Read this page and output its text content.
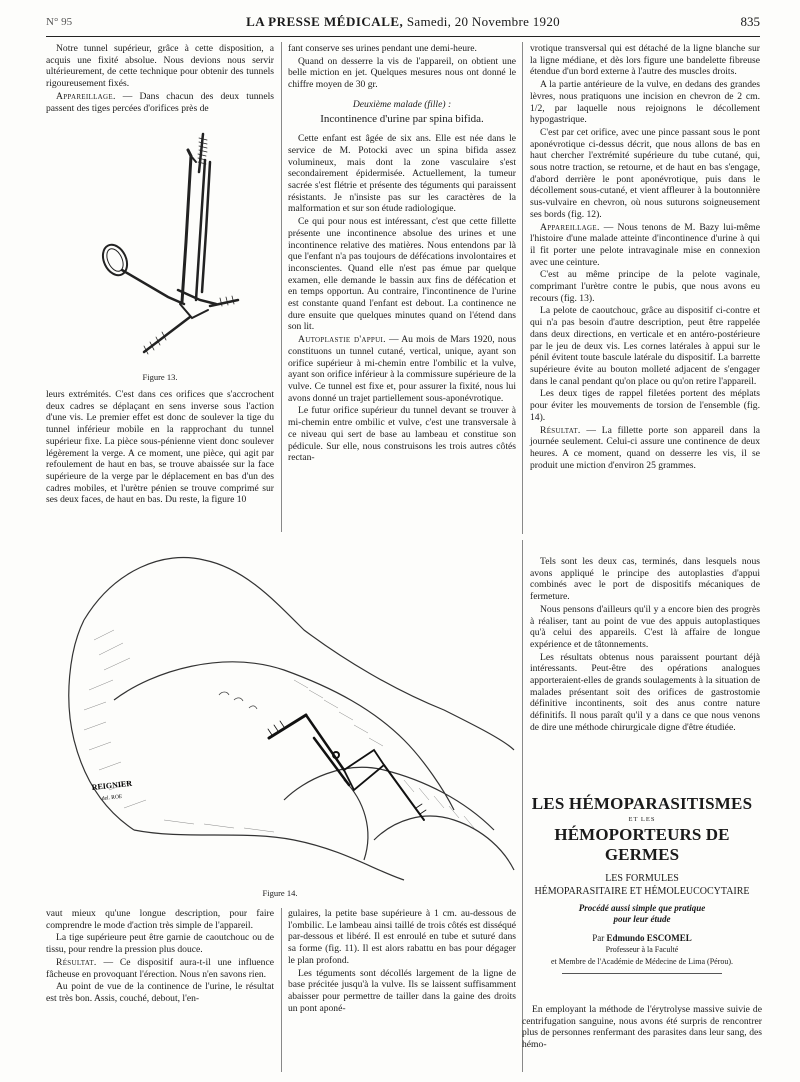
N° 95	LA PRESSE MÉDICALE, Samedi, 20 Novembre 1920	835

Notre tunnel supérieur, grâce à cette disposition, a acquis une fixité absolue. Nous devions nous servir ultérieurement, de cette technique pour obtenir des tunnels rigoureusement fixés.

Appareillage. — Dans chacun des deux tunnels passent des tiges percées d'orifices près de

Figure 13.

leurs extrémités. C'est dans ces orifices que s'accrochent deux cadres se déplaçant en sens inverse sous l'action d'une vis. Le premier effet est donc de soulever la tige du tunnel inférieur mobile en la rapprochant du tunnel supérieur fixe. La pièce sous-pénienne vient donc soulever légèrement la verge. A ce moment, une pièce, qui agit par refoulement de haut en bas, se trouve abaissée sur la face supérieure de la verge par le déplacement en bas d'un des cadres mobiles, et l'urètre pénien se trouve comprimé sur ses deux faces, de haut en bas. Du reste, la figure 10

fant conserve ses urines pendant une demi-heure.

Quand on desserre la vis de l'appareil, on obtient une belle miction en jet. Quelques mesures nous ont donné le chiffre moyen de 30 gr.

Deuxième malade (fille) :

Incontinence d'urine par spina bifida.

Cette enfant est âgée de six ans. Elle est née dans le service de M. Potocki avec un spina bifida assez volumineux, mais dont la zone vasculaire s'est secondairement épidermisée. Actuellement, la tumeur sacrée s'est flétrie et présente des téguments qui paraissent résistants. Je n'insiste pas sur les caractères de la malformation et sur son étude radiologique.

Ce qui pour nous est intéressant, c'est que cette fillette présente une incontinence absolue des urines et une incontinence relative des matières. Nous entendons par là que l'enfant n'a pas toujours de défécations involontaires et inconscientes. Quand elle n'est pas émue par quelque examen, elle demande le bassin aux fins de défécation et en temps opportun. Au contraire, l'incontinence de l'urine est constante quand l'enfant est debout. La continence ne dure ensuite que quelques minutes quand on l'étend dans son lit.

Autoplastie d'appui. — Au mois de Mars 1920, nous constituons un tunnel cutané, vertical, unique, ayant son orifice supérieur à mi-chemin entre l'ombilic et la vulve, ayant son orifice inférieur à la commissure supérieure de la vulve. Ce tunnel est fixe et, pour assurer la fixité, nous lui avons donné un trajet partiellement sous-aponévrotique.

Le futur orifice supérieur du tunnel devant se trouver à mi-chemin entre ombilic et vulve, c'est une transversale à ce niveau qui sert de base au lambeau et constitue son pédicule. Sur elle, nous construisons les trois autres côtés rectan-

vrotique transversal qui est détaché de la ligne blanche sur la ligne médiane, et dès lors figure une bandelette fibreuse étendue d'un bord externe à l'autre des muscles droits.

A la partie antérieure de la vulve, en dedans des grandes lèvres, nous pratiquons une incision en chevron de 2 cm. 1/2, par laquelle nous rejoignons le décollement hypogastrique.

C'est par cet orifice, avec une pince passant sous le pont aponévrotique ci-dessus décrit, que nous allons de bas en haut chercher l'extrémité supérieure du tube cutané, qui, sous notre traction, se retourne, et de haut en bas s'engage, d'abord derrière le pont aponévrotique, puis dans le décollement sous-cutané, et vient affleurer à la boutonnière sus-vulvaire en chevron, où nous suturons soigneusement ses bords (fig. 12).

Appareillage. — Nous tenons de M. Bazy lui-même l'histoire d'une malade atteinte d'incontinence d'urine à qui il fit porter une pelote intravaginale mise en connexion avec une ceinture.

C'est au même principe de la pelote vaginale, comprimant l'urètre contre le pubis, que nous avons eu recours (fig. 13).

La pelote de caoutchouc, grâce au dispositif ci-contre et qui n'a pas besoin d'autre description, peut être rappelée dans deux directions, en verticale et en antéro-postérieure par le jeu de deux vis. Les cornes latérales à appui sur le pénil évitent toute bascule latérale du dispositif. La barrette supérieure évite au bouton molleté adjacent de s'engager dans le canal pendant qu'on place ou qu'on retire l'appareil.

Les deux tiges de rappel filetées portent des méplats pour éviter les mouvements de torsion de l'ensemble (fig. 14).

Résultat. — La fillette porte son appareil dans la journée seulement. Celui-ci assure une continence de deux heures. A ce moment, quand on desserre les vis, il se produit une miction d'environ 25 grammes.

REIGNIER
del. ROE
Figure 14.

Tels sont les deux cas, terminés, dans lesquels nous avons appliqué le principe des autoplasties d'appui combinés avec le port de dispositifs mécaniques de fermeture.

Nous pensons d'ailleurs qu'il y a encore bien des progrès à réaliser, tant au point de vue des appuis autoplastiques qu'à celui des appareils. C'est là affaire de longue expérience et de tâtonnements.

Les résultats obtenus nous paraissent pourtant déjà intéressants. Peut-être des opérations analogues apporteraient-elles de grands soulagements à la situation de malades présentant soit des orifices de gastrostomie définitive incontinents, soit des anus contre nature définitifs. Il nous paraît qu'il y a dans ce que nous venons de dire une méthode chirurgicale digne d'être étudiée.

vaut mieux qu'une longue description, pour faire comprendre le mode d'action très simple de l'appareil.

La tige supérieure peut être garnie de caoutchouc ou de tissu, pour rendre la pression plus douce.

Résultat. — Ce dispositif aura-t-il une influence fâcheuse en provoquant l'érection. Nous n'en savons rien.

Au point de vue de la continence de l'urine, le résultat est très bon. Assis, couché, debout, l'en-

gulaires, la petite base supérieure à 1 cm. au-dessous de l'ombilic. Le lambeau ainsi taillé de trois côtés est disséqué par-dessous et libéré. Il est enroulé en tube et suturé dans sa forme (fig. 11). Il est alors rabattu en bas pour dégager le plan profond.

Les téguments sont décollés largement de la ligne de base précitée jusqu'à la vulve. Ils se laissent suffisamment abaisser pour permettre de tailler dans la gaine des droits un pont aponé-

LES HÉMOPARASITISMES
ET LES
HÉMOPORTEURS DE GERMES
LES FORMULES
HÉMOPARASITAIRE ET HÉMOLEUCOCYTAIRE
Procédé aussi simple que pratique
pour leur étude
Par Edmundo ESCOMEL
Professeur à la Faculté
et Membre de l'Académie de Médecine de Lima (Pérou).

En employant la méthode de l'érytrolyse massive suivie de centrifugation sanguine, nous avons été surpris de rencontrer plus de personnes renfermant des parasites dans leur sang, des hémo-
